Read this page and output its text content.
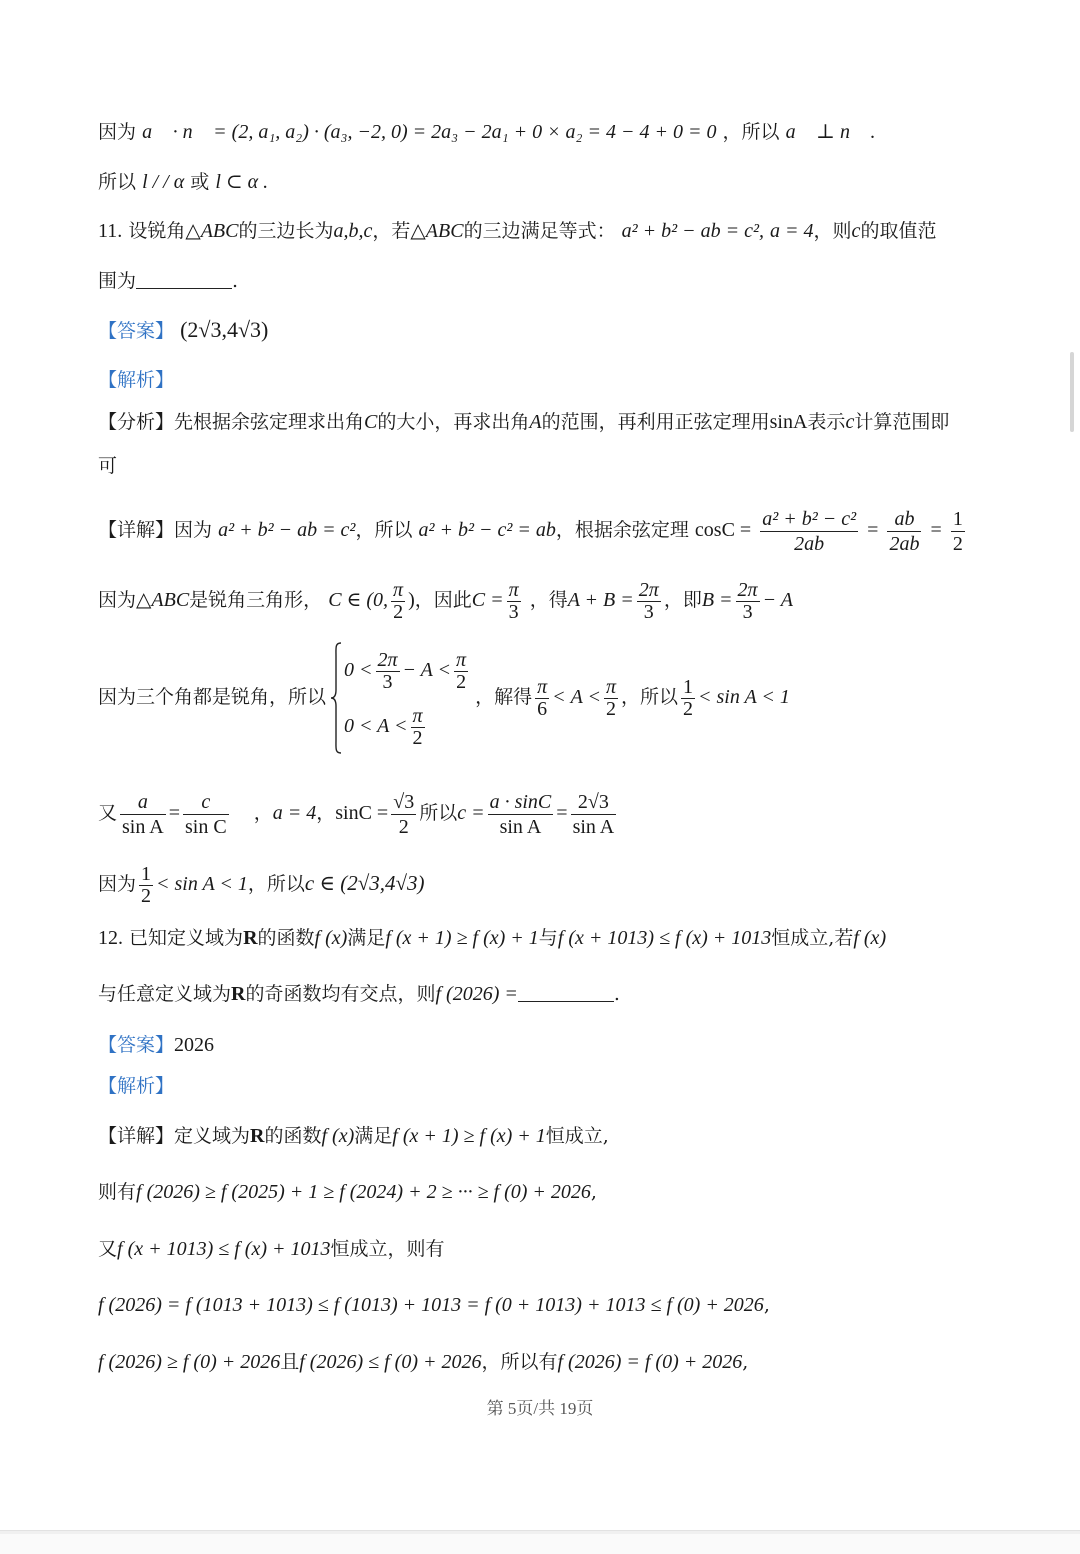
因为 a⃗ · n⃗ = (2, a₁, a₂) · (a₃, −2, 0) = 2a₃ − 2a₁ + 0 × a₂ = 4 − 4 + 0 = 0 ，所以 a⃗ ⊥ n⃗ .
所以 l / / α 或 l ⊂ α .
11. 设锐角△ABC的三边长为a,b,c，若△ABC的三边满足等式： a² + b² − ab = c², a = 4，则c的取值范
围为	.
【答案】 (2√3,4√3)
【解析】
【分析】先根据余弦定理求出角C的大小，再求出角A的范围，再利用正弦定理用sinA表示c计算范围即
可
【详解】因为 a² + b² − ab = c²，所以 a² + b² − c² = ab，根据余弦定理 $\cos C = \frac{\text{a² + b² − c²}}{2ab} = \frac{ab}{2ab} = \frac{1}{2}$
因为△ABC是锐角三角形， C ∈ (0, $\frac{\pi}{2}$ )，因此$C = \frac{\pi}{3}$ ，得$A + B = \frac{2\pi}{3}$ ，即$B = \frac{2\pi}{3} - A$
因为三个角都是锐角，所以
$0 < \frac{2\pi}{3} - A < \frac{\pi}{2}$
$0 < A < \frac{\pi}{2}$
，解得 $\frac{\pi}{6} < A < \frac{\pi}{2}$ ，所以 $\frac{1}{2} < \sin A < 1$
又 $\frac{a}{\text{sin A}} = \frac{c}{\text{sin C}}$ ，a = 4，$\sin C = \frac{√3}{2}$ 所以$c = \frac{a \cdot \sin C}{\text{sin A}} = \frac{2√3}{\text{sin A}}$
因为 $\frac{1}{2} < \sin A < 1$，所以c ∈ (2√3,4√3)
12. 已知定义域为R的函数f (x)满足f (x + 1) ≥ f (x) + 1与f (x + 1013) ≤ f (x) + 1013恒成立,若f (x)
与任意定义域为R的奇函数均有交点，则f (2026) =	.
【答案】2026
【解析】
【详解】定义域为R的函数f (x)满足f (x + 1) ≥ f (x) + 1恒成立,
则有f (2026) ≥ f (2025) + 1 ≥ f (2024) + 2 ≥ ··· ≥ f (0) + 2026,
又f (x + 1013) ≤ f (x) + 1013恒成立，则有
f (2026) = f (1013 + 1013) ≤ f (1013) + 1013 = f (0 + 1013) + 1013 ≤ f (0) + 2026,
f (2026) ≥ f (0) + 2026且f (2026) ≤ f (0) + 2026，所以有f (2026) = f (0) + 2026,
第 5页/共 19页
